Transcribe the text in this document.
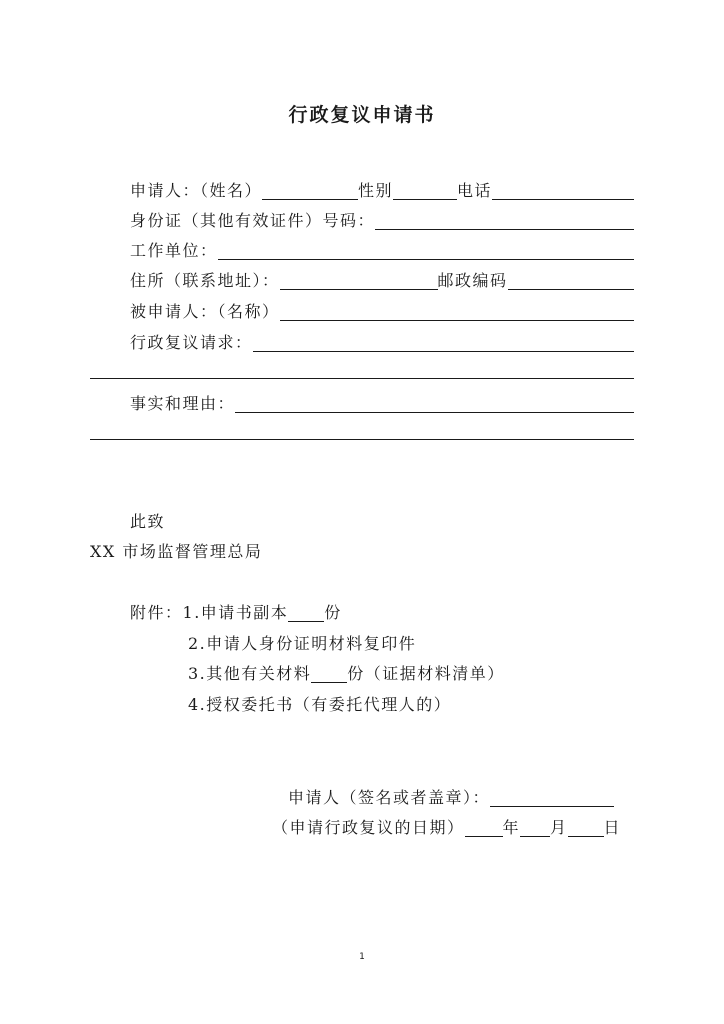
行政复议申请书
申请人：（姓名）	性别	电话
身份证（其他有效证件）号码：
工作单位：
住所（联系地址）：	邮政编码
被申请人：（名称）
行政复议请求：
事实和理由：
此致
XX 市场监督管理总局
附件： 1.申请书副本 份
2.申请人身份证明材料复印件
3.其他有关材料 份（证据材料清单）
4.授权委托书（有委托代理人的）
申请人（签名或者盖章）：
（申请行政复议的日期） 年 月 日
1
